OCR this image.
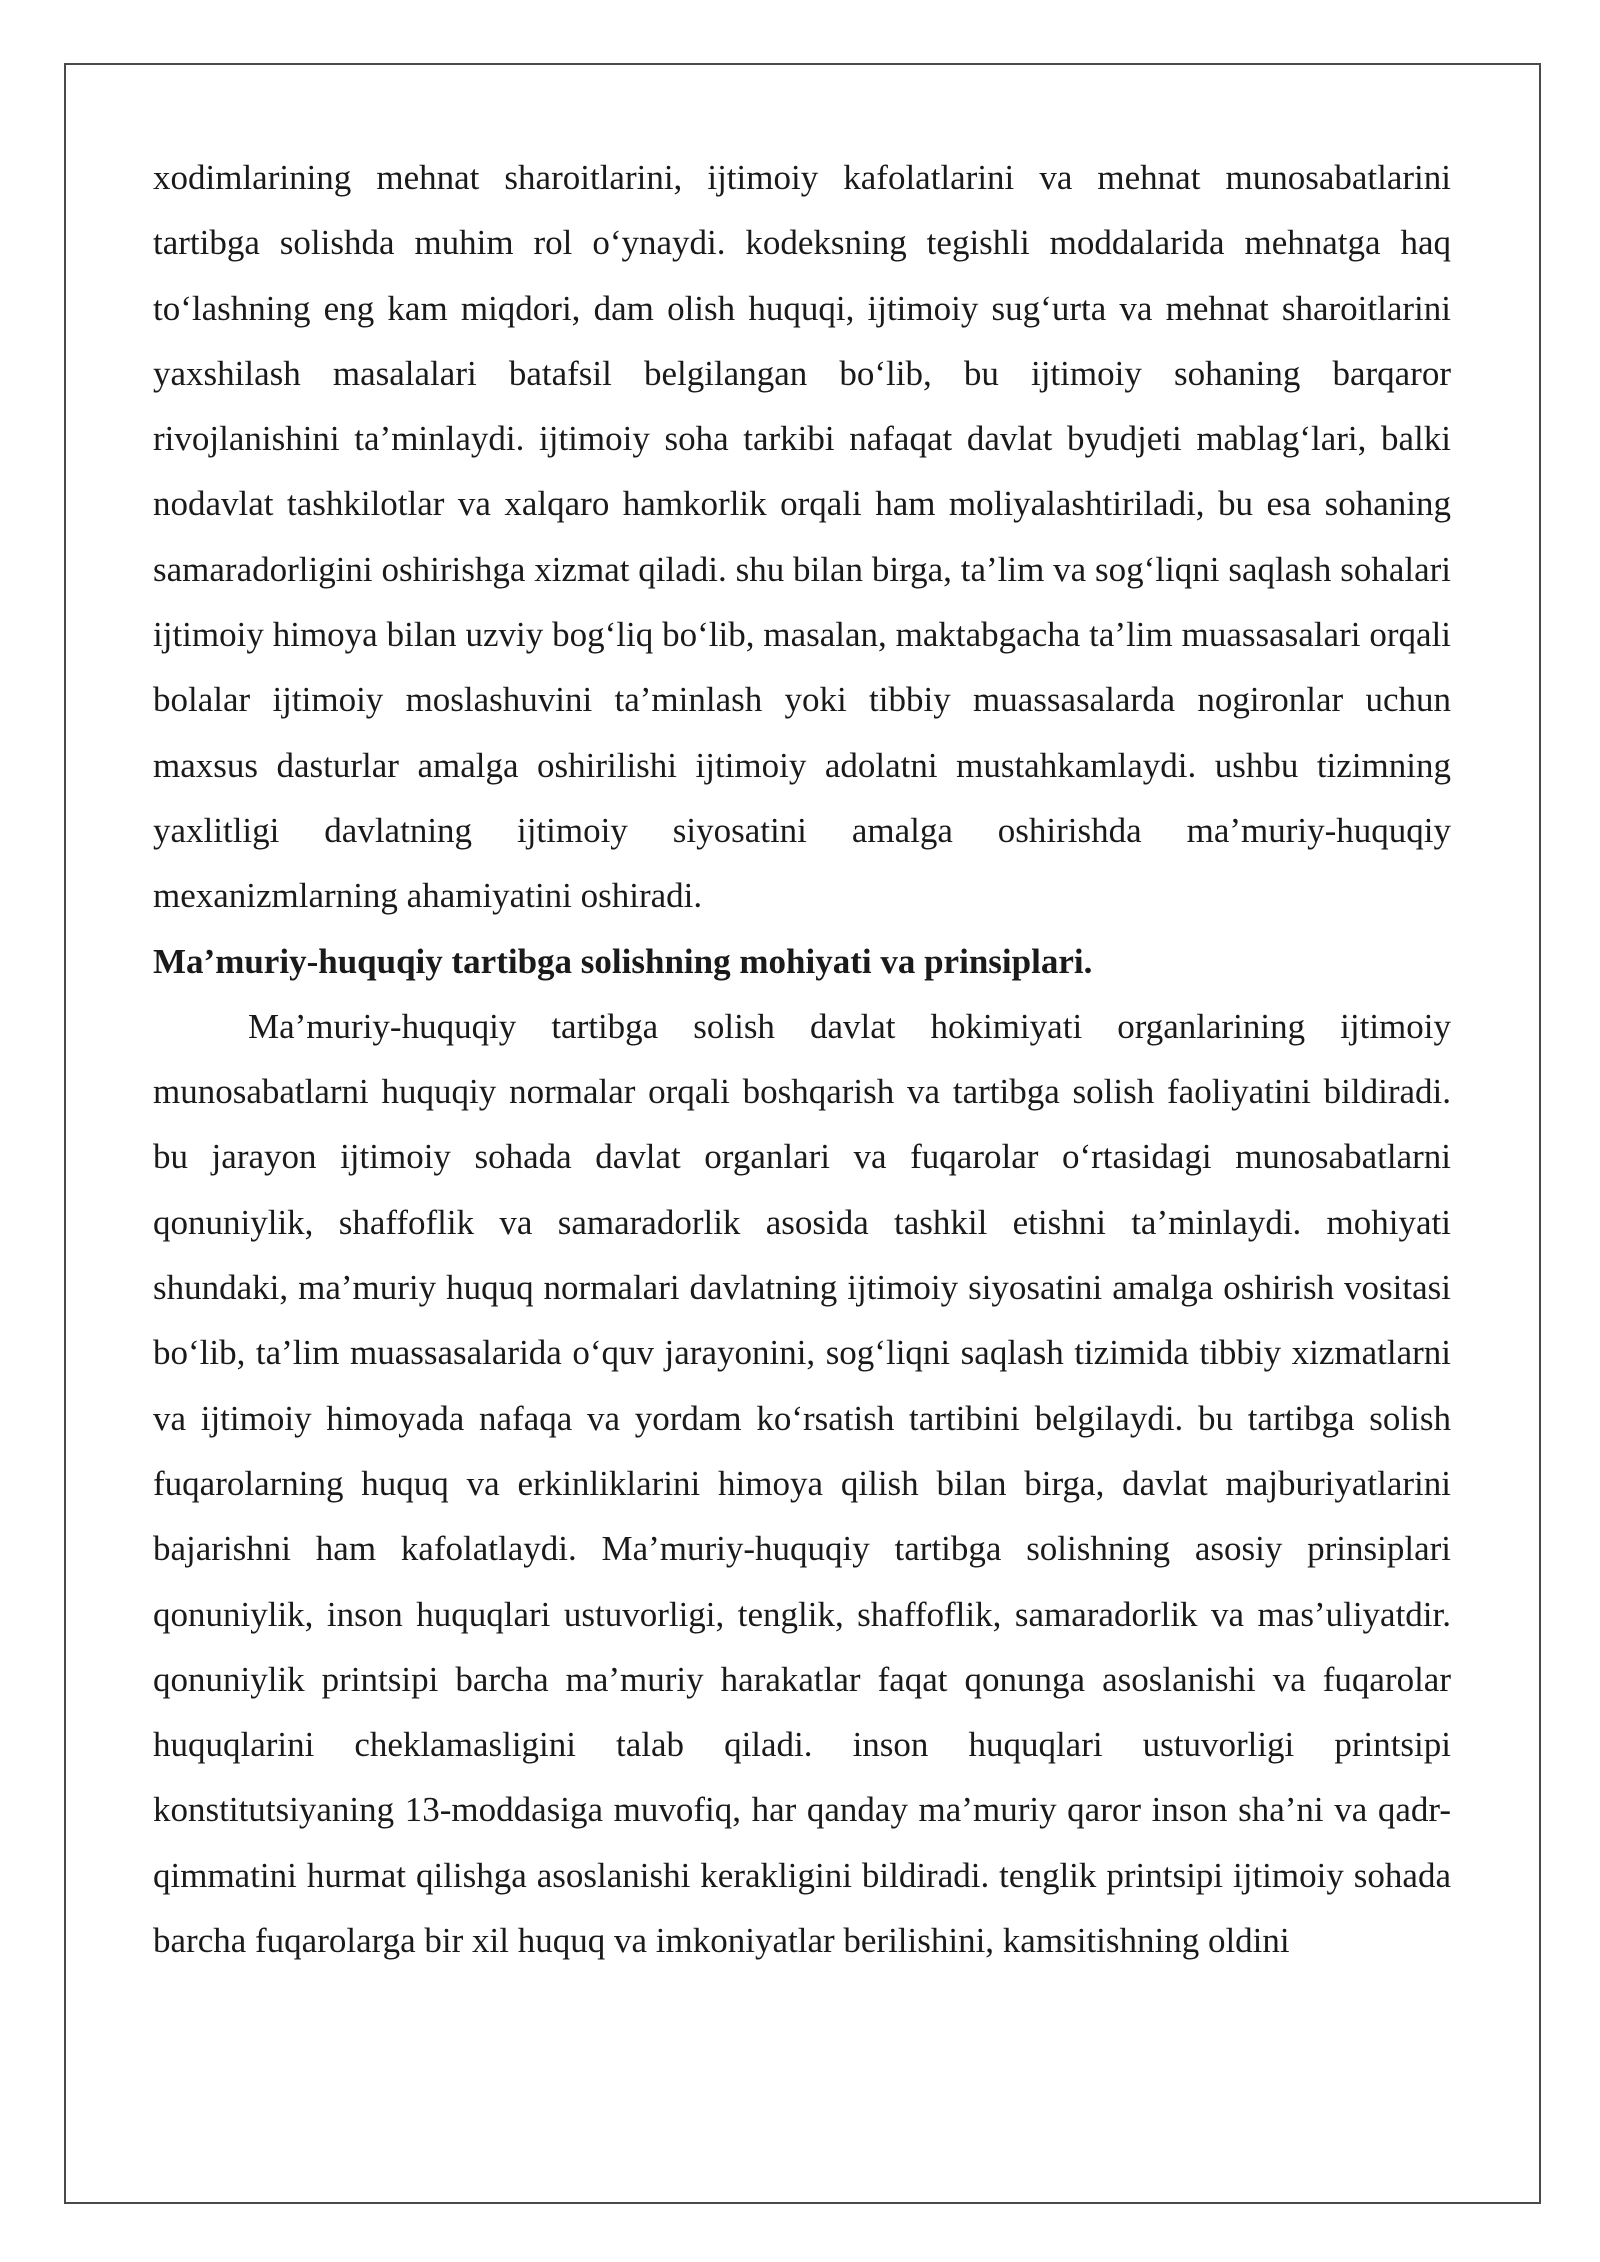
xodimlarining mehnat sharoitlarini, ijtimoiy kafolatlarini va mehnat munosabatlarini tartibga solishda muhim rol o‘ynaydi. kodeksning tegishli moddalarida mehnatga haq to‘lashning eng kam miqdori, dam olish huquqi, ijtimoiy sug‘urta va mehnat sharoitlarini yaxshilash masalalari batafsil belgilangan bo‘lib, bu ijtimoiy sohaning barqaror rivojlanishini ta’minlaydi. ijtimoiy soha tarkibi nafaqat davlat byudjeti mablag‘lari, balki nodavlat tashkilotlar va xalqaro hamkorlik orqali ham moliyalashtiriladi, bu esa sohaning samaradorligini oshirishga xizmat qiladi. shu bilan birga, ta’lim va sog‘liqni saqlash sohalari ijtimoiy himoya bilan uzviy bog‘liq bo‘lib, masalan, maktabgacha ta’lim muassasalari orqali bolalar ijtimoiy moslashuvini ta’minlash yoki tibbiy muassasalarda nogironlar uchun maxsus dasturlar amalga oshirilishi ijtimoiy adolatni mustahkamlaydi. ushbu tizimning yaxlitligi davlatning ijtimoiy siyosatini amalga oshirishda ma’muriy-huquqiy mexanizmlarning ahamiyatini oshiradi.

Ma’muriy-huquqiy tartibga solishning mohiyati va prinsiplari.

Ma’muriy-huquqiy tartibga solish davlat hokimiyati organlarining ijtimoiy munosabatlarni huquqiy normalar orqali boshqarish va tartibga solish faoliyatini bildiradi. bu jarayon ijtimoiy sohada davlat organlari va fuqarolar o‘rtasidagi munosabatlarni qonuniylik, shaffoflik va samaradorlik asosida tashkil etishni ta’minlaydi. mohiyati shundaki, ma’muriy huquq normalari davlatning ijtimoiy siyosatini amalga oshirish vositasi bo‘lib, ta’lim muassasalarida o‘quv jarayonini, sog‘liqni saqlash tizimida tibbiy xizmatlarni va ijtimoiy himoyada nafaqa va yordam ko‘rsatish tartibini belgilaydi. bu tartibga solish fuqarolarning huquq va erkinliklarini himoya qilish bilan birga, davlat majburiyatlarini bajarishni ham kafolatlaydi. Ma’muriy-huquqiy tartibga solishning asosiy prinsiplari qonuniylik, inson huquqlari ustuvorligi, tenglik, shaffoflik, samaradorlik va mas’uliyatdir. qonuniylik printsipi barcha ma’muriy harakatlar faqat qonunga asoslanishi va fuqarolar huquqlarini cheklamasligini talab qiladi. inson huquqlari ustuvorligi printsipi konstitutsiyaning 13-moddasiga muvofiq, har qanday ma’muriy qaror inson sha’ni va qadr-qimmatini hurmat qilishga asoslanishi kerakligini bildiradi. tenglik printsipi ijtimoiy sohada barcha fuqarolarga bir xil huquq va imkoniyatlar berilishini, kamsitishning oldini
